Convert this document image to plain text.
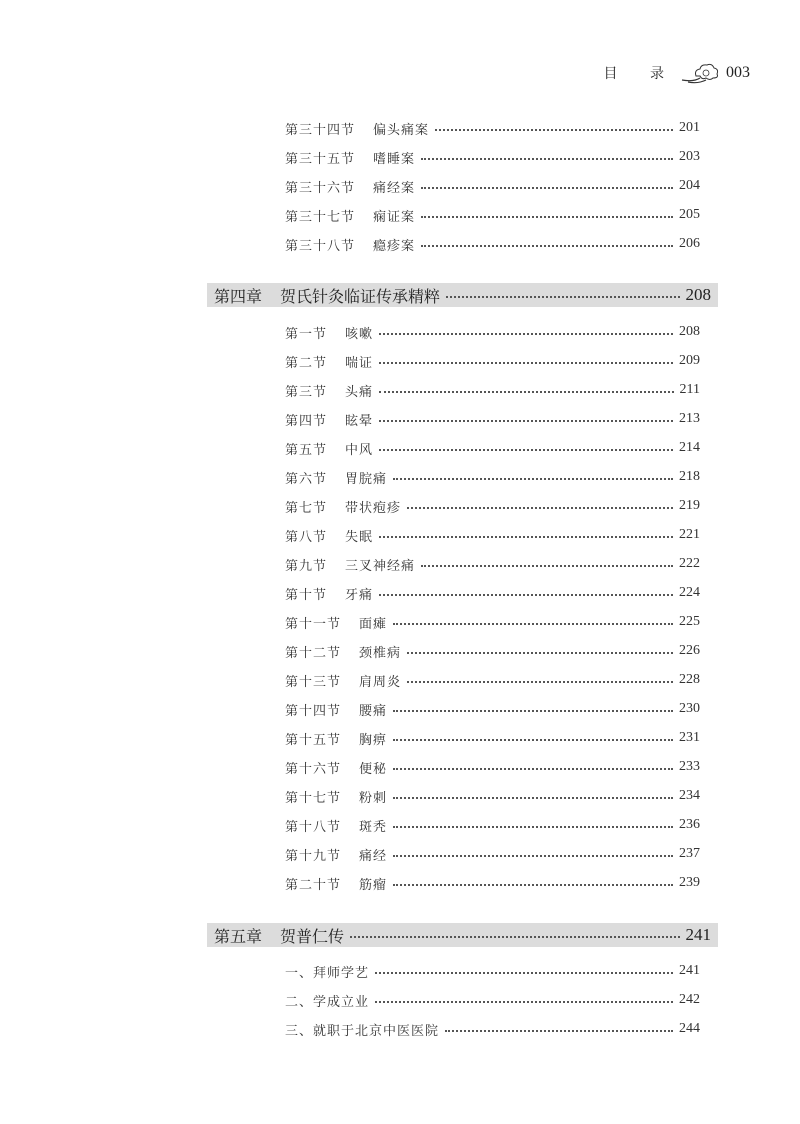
目 录	003
第三十四节 偏头痛案	201
第三十五节 嗜睡案	203
第三十六节 痛经案	204
第三十七节 痫证案	205
第三十八节 瘾疹案	206
第四章 贺氏针灸临证传承精粹	208
第一节 咳嗽	208
第二节 喘证	209
第三节 头痛	211
第四节 眩晕	213
第五节 中风	214
第六节 胃脘痛	218
第七节 带状疱疹	219
第八节 失眠	221
第九节 三叉神经痛	222
第十节 牙痛	224
第十一节 面瘫	225
第十二节 颈椎病	226
第十三节 肩周炎	228
第十四节 腰痛	230
第十五节 胸痹	231
第十六节 便秘	233
第十七节 粉刺	234
第十八节 斑秃	236
第十九节 痛经	237
第二十节 筋瘤	239
第五章 贺普仁传	241
一、拜师学艺	241
二、学成立业	242
三、就职于北京中医医院	244
